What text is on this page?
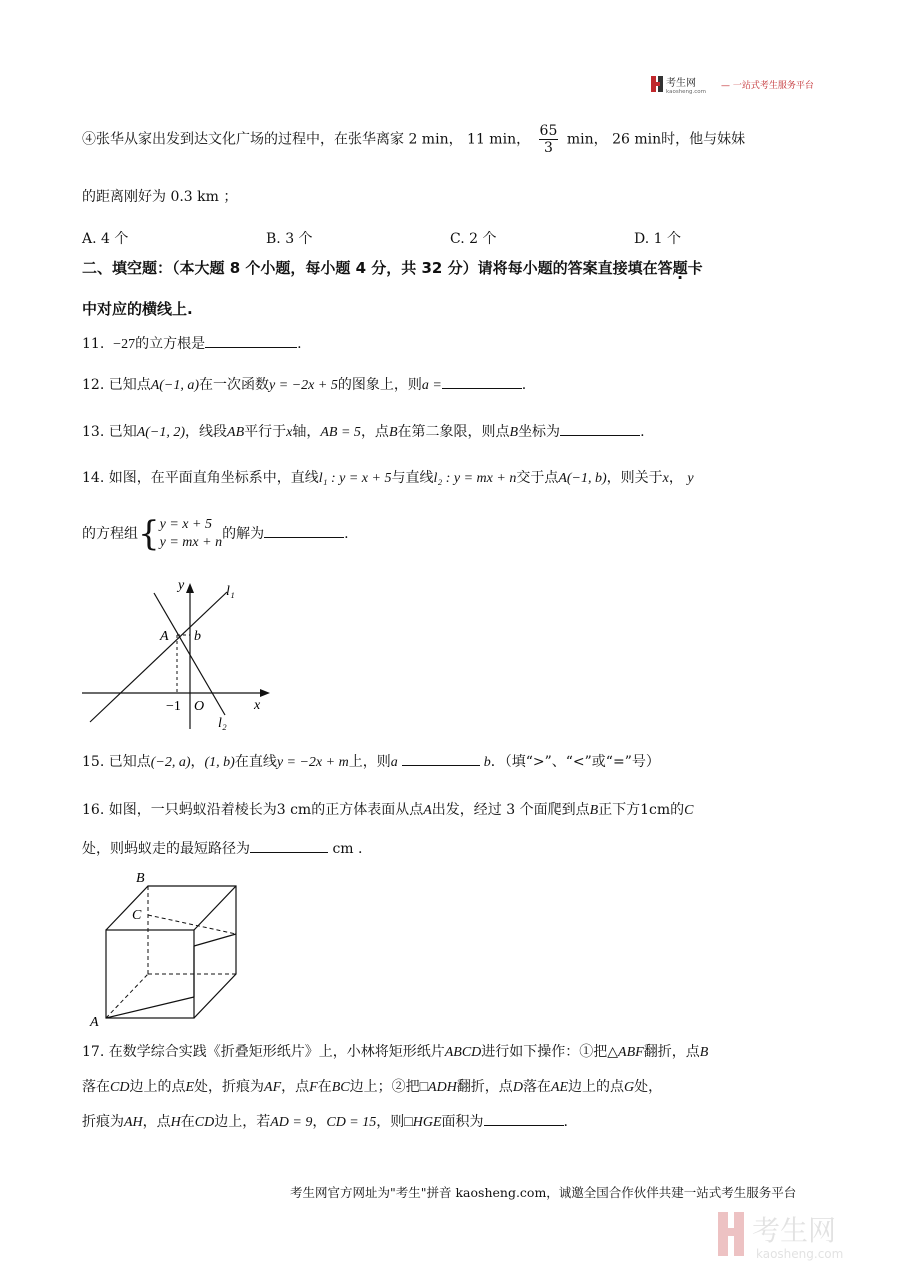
考生网
kaosheng.com
— 一站式考生服务平台
④张华从家出发到达文化广场的过程中，在张华离家 2 min， 11 min， $\frac{65}{3}$ min， 26 min时，他与妹妹
的距离刚好为 0.3 km ；
A. 4 个	B. 3 个	C. 2 个	D. 1 个
二、填空题：（本大题 8 个小题，每小题 4 分，共 32 分）请将每小题的答案直接填在答题卡
中对应的横线上.
11. −27的立方根是	.
12. 已知点A(−1, a)在一次函数y = −2x + 5的图象上，则a =	.
13. 已知A(−1, 2)，线段AB平行于x轴，AB = 5，点B在第二象限，则点B坐标为	.
14. 如图，在平面直角坐标系中，直线l₁ : y = x + 5与直线l₂ : y = mx + n交于点A(−1, b)，则关于x， y
的方程组{ y = x + 5
y = mx + n
的解为	.
y
x
l₁
l₂
A b
−1 O
15. 已知点(−2, a)，(1, b)在直线y = −2x + m上，则a	b．（填“>”、“<”或“=”号）
16. 如图，一只蚂蚁沿着棱长为3 cm的正方体表面从点A出发，经过 3 个面爬到点B正下方1cm的C
处，则蚂蚁走的最短路径为	cm .
B
C
A
17. 在数学综合实践《折叠矩形纸片》上，小林将矩形纸片ABCD进行如下操作：①把△ABF翻折，点B
落在CD边上的点E处，折痕为AF，点F在BC边上；②把□ADH翻折，点D落在AE边上的点G处，
折痕为AH，点H在CD边上，若AD = 9，CD = 15，则□HGE面积为	.
考生网官方网址为"考生"拼音 kaosheng.com，诚邀全国合作伙伴共建一站式考生服务平台
考生网
kaosheng.com
